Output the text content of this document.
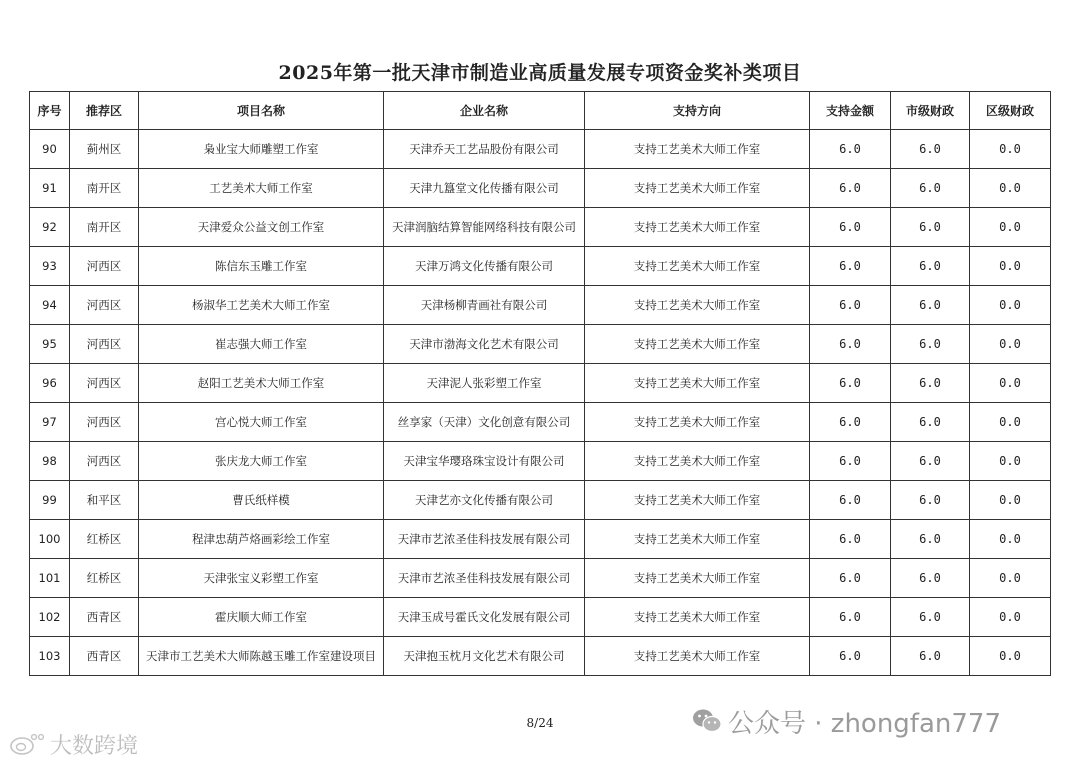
2025年第一批天津市制造业高质量发展专项资金奖补类项目
序号	推荐区	项目名称	企业名称	支持方向	支持金额	市级财政	区级财政
90	蓟州区	枭业宝大师雕塑工作室	天津乔天工艺品股份有限公司	支持工艺美术大师工作室	6.0	6.0	0.0
91	南开区	工艺美术大师工作室	天津九簋堂文化传播有限公司	支持工艺美术大师工作室	6.0	6.0	0.0
92	南开区	天津爱众公益文创工作室	天津润脑结算智能网络科技有限公司	支持工艺美术大师工作室	6.0	6.0	0.0
93	河西区	陈信东玉雕工作室	天津万鸿文化传播有限公司	支持工艺美术大师工作室	6.0	6.0	0.0
94	河西区	杨淑华工艺美术大师工作室	天津杨柳青画社有限公司	支持工艺美术大师工作室	6.0	6.0	0.0
95	河西区	崔志强大师工作室	天津市渤海文化艺术有限公司	支持工艺美术大师工作室	6.0	6.0	0.0
96	河西区	赵阳工艺美术大师工作室	天津泥人张彩塑工作室	支持工艺美术大师工作室	6.0	6.0	0.0
97	河西区	宫心悦大师工作室	丝享家（天津）文化创意有限公司	支持工艺美术大师工作室	6.0	6.0	0.0
98	河西区	张庆龙大师工作室	天津宝华璎珞珠宝设计有限公司	支持工艺美术大师工作室	6.0	6.0	0.0
99	和平区	曹氏纸样模	天津艺亦文化传播有限公司	支持工艺美术大师工作室	6.0	6.0	0.0
100	红桥区	程津忠葫芦烙画彩绘工作室	天津市艺浓圣佳科技发展有限公司	支持工艺美术大师工作室	6.0	6.0	0.0
101	红桥区	天津张宝义彩塑工作室	天津市艺浓圣佳科技发展有限公司	支持工艺美术大师工作室	6.0	6.0	0.0
102	西青区	霍庆顺大师工作室	天津玉成号霍氏文化发展有限公司	支持工艺美术大师工作室	6.0	6.0	0.0
103	西青区	天津市工艺美术大师陈越玉雕工作室建设项目	天津抱玉枕月文化艺术有限公司	支持工艺美术大师工作室	6.0	6.0	0.0
8/24	公众号 · zhongfan777
大数跨境
